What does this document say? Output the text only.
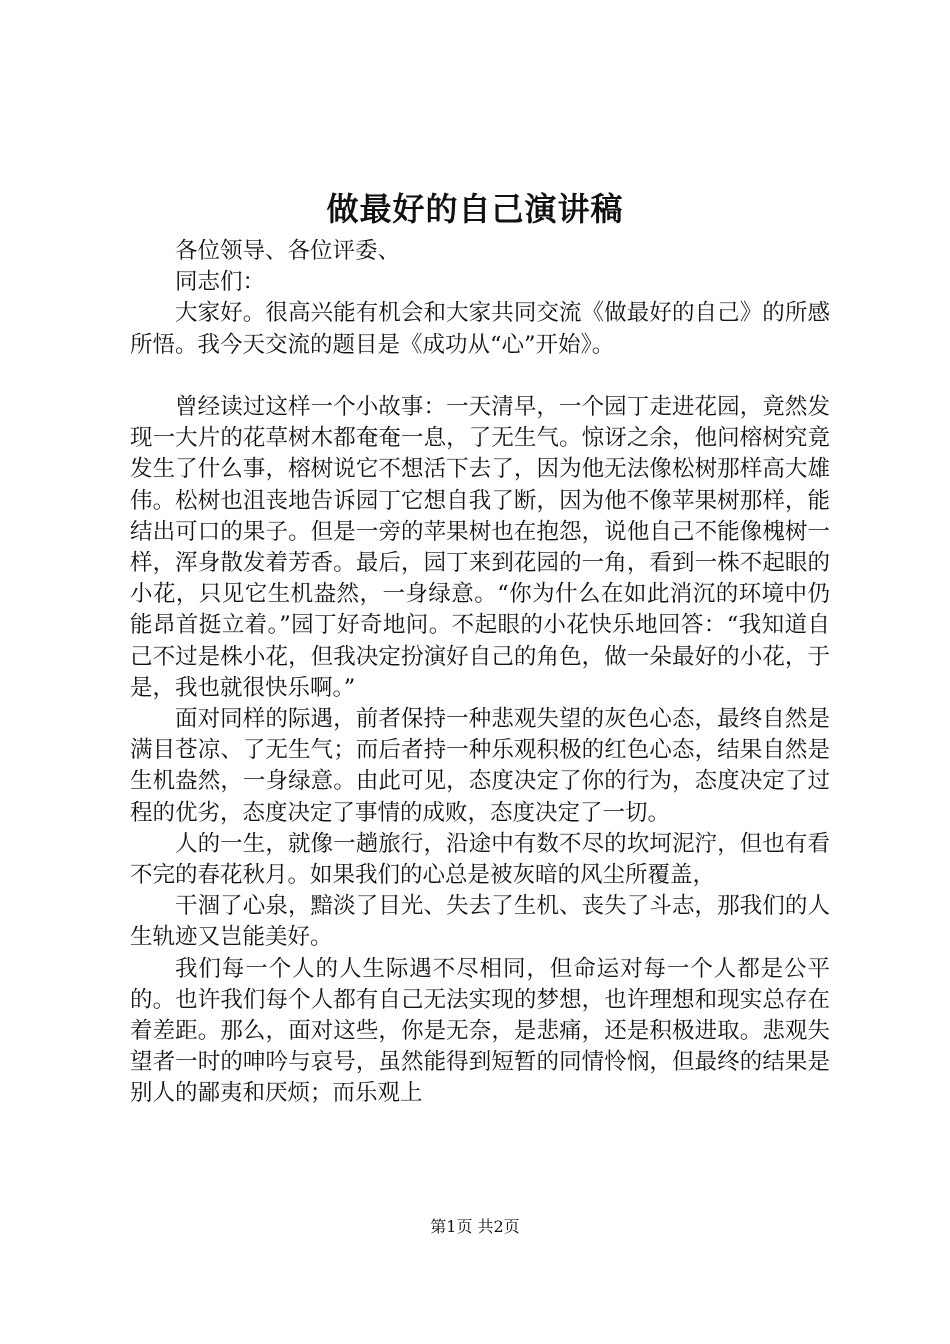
做最好的自己演讲稿

各位领导、各位评委、

同志们：

大家好。很高兴能有机会和大家共同交流《做最好的自己》的所感所悟。我今天交流的题目是《成功从“心”开始》。

曾经读过这样一个小故事：一天清早，一个园丁走进花园，竟然发现一大片的花草树木都奄奄一息，了无生气。惊讶之余，他问榕树究竟发生了什么事，榕树说它不想活下去了，因为他无法像松树那样高大雄伟。松树也沮丧地告诉园丁它想自我了断，因为他不像苹果树那样，能结出可口的果子。但是一旁的苹果树也在抱怨，说他自己不能像槐树一样，浑身散发着芳香。最后，园丁来到花园的一角，看到一株不起眼的小花，只见它生机盎然，一身绿意。“你为什么在如此消沉的环境中仍能昂首挺立着。”园丁好奇地问。不起眼的小花快乐地回答：“我知道自己不过是株小花，但我决定扮演好自己的角色，做一朵最好的小花，于是，我也就很快乐啊。”

面对同样的际遇，前者保持一种悲观失望的灰色心态，最终自然是满目苍凉、了无生气；而后者持一种乐观积极的红色心态，结果自然是生机盎然，一身绿意。由此可见，态度决定了你的行为，态度决定了过程的优劣，态度决定了事情的成败，态度决定了一切。

人的一生，就像一趟旅行，沿途中有数不尽的坎坷泥泞，但也有看不完的春花秋月。如果我们的心总是被灰暗的风尘所覆盖，

干涸了心泉，黯淡了目光、失去了生机、丧失了斗志，那我们的人生轨迹又岂能美好。

我们每一个人的人生际遇不尽相同，但命运对每一个人都是公平的。也许我们每个人都有自己无法实现的梦想，也许理想和现实总存在着差距。那么，面对这些，你是无奈，是悲痛，还是积极进取。悲观失望者一时的呻吟与哀号，虽然能得到短暂的同情怜悯，但最终的结果是别人的鄙夷和厌烦；而乐观上

第1页 共2页
